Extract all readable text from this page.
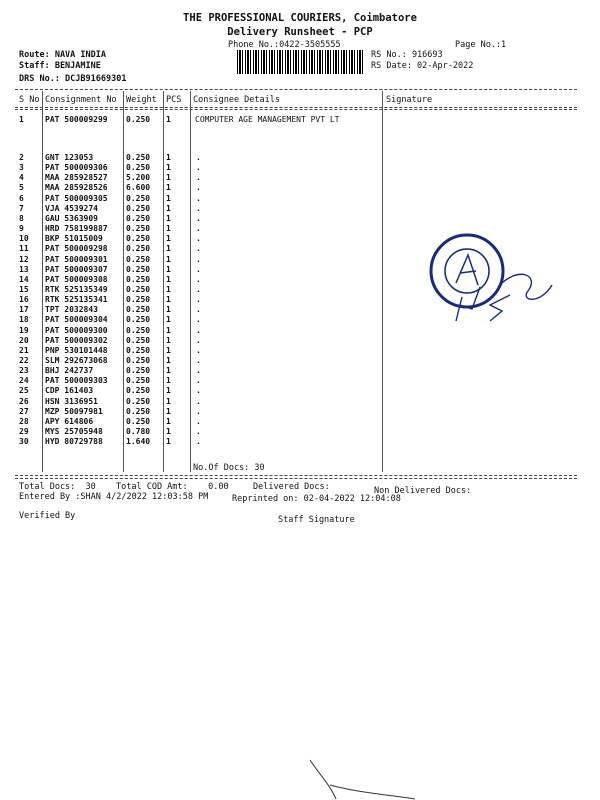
THE PROFESSIONAL COURIERS, Coimbatore
Delivery Runsheet - PCP
Phone No.:0422-3505555	Page No.:1
Route: NAVA INDIA
Staff: BENJAMINE
DRS No.: DCJB91669301
RS No.: 916693
RS Date: 02-Apr-2022
S No Consignment No Weight PCS Consignee Details	Signature
1	PAT 500009299 0.250 1	COMPUTER AGE MANAGEMENT PVT LT
2	GNT 123053	0.250 1	.
3	PAT 500009306 0.250 1	.
4	MAA 285928527 5.200 1	.
5	MAA 285928526 6.600 1	.
6	PAT 500009305 0.250 1	.
7	VJA 4539274	0.250 1	.
8	GAU 5363909	0.250 1	.
9	HRD 758199887 0.250 1	.
10 BKP 51015009	0.250 1	.
11 PAT 500009298 0.250 1	.
12 PAT 500009301 0.250 1	.
13 PAT 500009307 0.250 1	.
14 PAT 500009308 0.250 1	.
15 RTK 525135349 0.250 1	.
16 RTK 525135341 0.250 1	.
17 TPT 2032843	0.250 1	.
18 PAT 500009304 0.250 1	.
19 PAT 500009300 0.250 1	.
20 PAT 500009302 0.250 1	.
21 PNP 530101448 0.250 1	.
22 SLM 292673068 0.250 1	.
23 BHJ 242737	0.250 1	.
24 PAT 500009303 0.250 1	.
25 CDP 161403	0.250 1	.
26 HSN 3136951	0.250 1	.
27 MZP 50097981	0.250 1	.
28 APY 614806	0.250 1	.
29 MYS 25705948	0.780 1	.
30 HYD 80729788	1.640 1	.
No.Of Docs: 30
Total Docs:  30 Total COD Amt:    0.00	Delivered Docs:	Non Delivered Docs:
Entered By :SHAN 4/2/2022 12:03:58 PM	Reprinted on: 02-04-2022 12:04:08
Verified By	Staff Signature
